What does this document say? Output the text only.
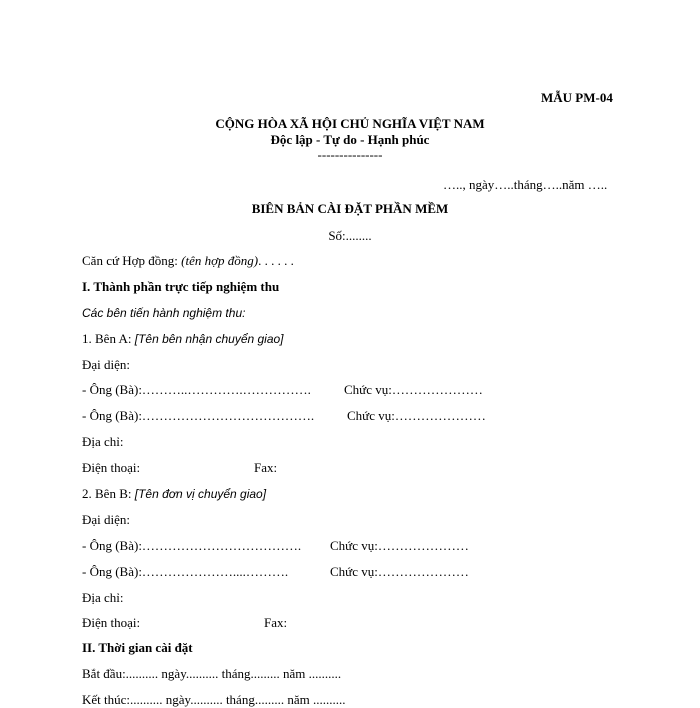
MẪU PM-04
CỘNG HÒA XÃ HỘI CHỦ NGHĨA VIỆT NAM
Độc lập - Tự do - Hạnh phúc
---------------
….., ngày…..tháng…..năm …..
BIÊN BẢN CÀI ĐẶT PHẦN MỀM
Số:........
Căn cứ Hợp đồng: (tên hợp đồng). . . . . .
I. Thành phần trực tiếp nghiệm thu
Các bên tiến hành nghiệm thu:
1. Bên A: [Tên bên nhận chuyển giao]
Đại diện:
- Ông (Bà):………..………….…………….	Chức vụ:…………………
- Ông (Bà):………………………………….	Chức vụ:…………………
Địa chỉ:
Điện thoại:	Fax:
2. Bên B: [Tên đơn vị chuyển giao]
Đại diện:
- Ông (Bà):………………………………. Chức vụ:…………………
- Ông (Bà):…………………....……….	Chức vụ:…………………
Địa chỉ:
Điện thoại:	Fax:
II. Thời gian cài đặt
Bắt đầu:.......... ngày.......... tháng......... năm ..........
Kết thúc:.......... ngày.......... tháng......... năm ..........
